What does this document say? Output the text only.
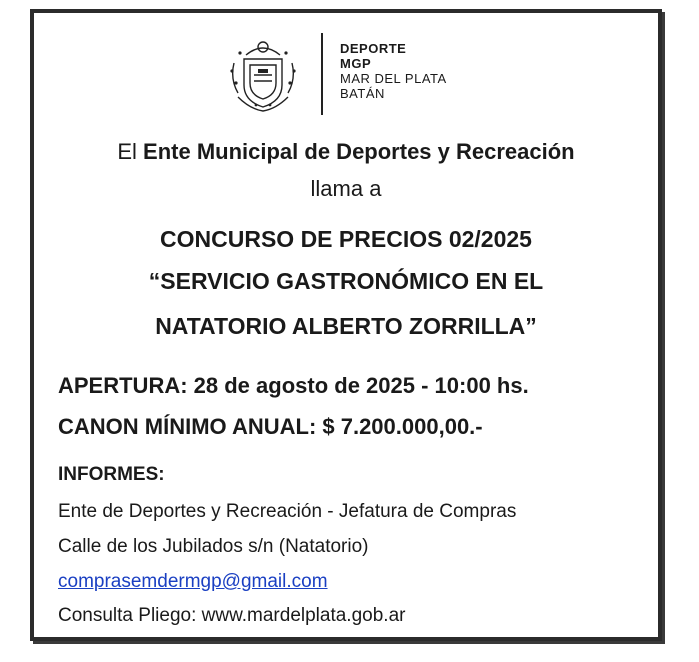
DEPORTE
MGP
MAR DEL PLATA
BATÁN
El Ente Municipal de Deportes y Recreación
llama a
CONCURSO DE PRECIOS 02/2025
“SERVICIO GASTRONÓMICO EN EL
NATATORIO ALBERTO ZORRILLA”
APERTURA: 28 de agosto de 2025 - 10:00 hs.
CANON MÍNIMO ANUAL: $ 7.200.000,00.-
INFORMES:
Ente de Deportes y Recreación - Jefatura de Compras
Calle de los Jubilados s/n (Natatorio)
comprasemdermgp@gmail.com
Consulta Pliego: www.mardelplata.gob.ar
